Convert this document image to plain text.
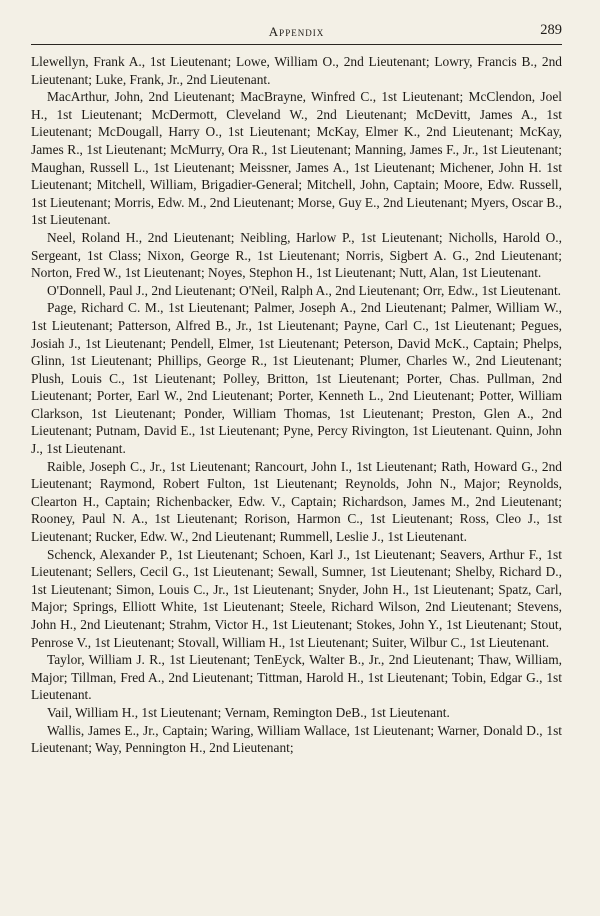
Appendix	289

Llewellyn, Frank A., 1st Lieutenant; Lowe, William O., 2nd Lieutenant; Lowry, Francis B., 2nd Lieutenant; Luke, Frank, Jr., 2nd Lieutenant.

MacArthur, John, 2nd Lieutenant; MacBrayne, Winfred C., 1st Lieutenant; McClendon, Joel H., 1st Lieutenant; McDermott, Cleveland W., 2nd Lieutenant; McDevitt, James A., 1st Lieutenant; McDougall, Harry O., 1st Lieutenant; McKay, Elmer K., 2nd Lieutenant; McKay, James R., 1st Lieutenant; McMurry, Ora R., 1st Lieutenant; Manning, James F., Jr., 1st Lieutenant; Maughan, Russell L., 1st Lieutenant; Meissner, James A., 1st Lieutenant; Michener, John H. 1st Lieutenant; Mitchell, William, Brigadier-General; Mitchell, John, Captain; Moore, Edw. Russell, 1st Lieutenant; Morris, Edw. M., 2nd Lieutenant; Morse, Guy E., 2nd Lieutenant; Myers, Oscar B., 1st Lieutenant.

Neel, Roland H., 2nd Lieutenant; Neibling, Harlow P., 1st Lieutenant; Nicholls, Harold O., Sergeant, 1st Class; Nixon, George R., 1st Lieutenant; Norris, Sigbert A. G., 2nd Lieutenant; Norton, Fred W., 1st Lieutenant; Noyes, Stephon H., 1st Lieutenant; Nutt, Alan, 1st Lieutenant.

O'Donnell, Paul J., 2nd Lieutenant; O'Neil, Ralph A., 2nd Lieutenant; Orr, Edw., 1st Lieutenant.

Page, Richard C. M., 1st Lieutenant; Palmer, Joseph A., 2nd Lieutenant; Palmer, William W., 1st Lieutenant; Patterson, Alfred B., Jr., 1st Lieutenant; Payne, Carl C., 1st Lieutenant; Pegues, Josiah J., 1st Lieutenant; Pendell, Elmer, 1st Lieutenant; Peterson, David McK., Captain; Phelps, Glinn, 1st Lieutenant; Phillips, George R., 1st Lieutenant; Plumer, Charles W., 2nd Lieutenant; Plush, Louis C., 1st Lieutenant; Polley, Britton, 1st Lieutenant; Porter, Chas. Pullman, 2nd Lieutenant; Porter, Earl W., 2nd Lieutenant; Porter, Kenneth L., 2nd Lieutenant; Potter, William Clarkson, 1st Lieutenant; Ponder, William Thomas, 1st Lieutenant; Preston, Glen A., 2nd Lieutenant; Putnam, David E., 1st Lieutenant; Pyne, Percy Rivington, 1st Lieutenant. Quinn, John J., 1st Lieutenant.

Raible, Joseph C., Jr., 1st Lieutenant; Rancourt, John I., 1st Lieutenant; Rath, Howard G., 2nd Lieutenant; Raymond, Robert Fulton, 1st Lieutenant; Reynolds, John N., Major; Reynolds, Clearton H., Captain; Richenbacker, Edw. V., Captain; Richardson, James M., 2nd Lieutenant; Rooney, Paul N. A., 1st Lieutenant; Rorison, Harmon C., 1st Lieutenant; Ross, Cleo J., 1st Lieutenant; Rucker, Edw. W., 2nd Lieutenant; Rummell, Leslie J., 1st Lieutenant.

Schenck, Alexander P., 1st Lieutenant; Schoen, Karl J., 1st Lieutenant; Seavers, Arthur F., 1st Lieutenant; Sellers, Cecil G., 1st Lieutenant; Sewall, Sumner, 1st Lieutenant; Shelby, Richard D., 1st Lieutenant; Simon, Louis C., Jr., 1st Lieutenant; Snyder, John H., 1st Lieutenant; Spatz, Carl, Major; Springs, Elliott White, 1st Lieutenant; Steele, Richard Wilson, 2nd Lieutenant; Stevens, John H., 2nd Lieutenant; Strahm, Victor H., 1st Lieutenant; Stokes, John Y., 1st Lieutenant; Stout, Penrose V., 1st Lieutenant; Stovall, William H., 1st Lieutenant; Suiter, Wilbur C., 1st Lieutenant.

Taylor, William J. R., 1st Lieutenant; TenEyck, Walter B., Jr., 2nd Lieutenant; Thaw, William, Major; Tillman, Fred A., 2nd Lieutenant; Tittman, Harold H., 1st Lieutenant; Tobin, Edgar G., 1st Lieutenant.

Vail, William H., 1st Lieutenant; Vernam, Remington DeB., 1st Lieutenant.

Wallis, James E., Jr., Captain; Waring, William Wallace, 1st Lieutenant; Warner, Donald D., 1st Lieutenant; Way, Pennington H., 2nd Lieutenant;
